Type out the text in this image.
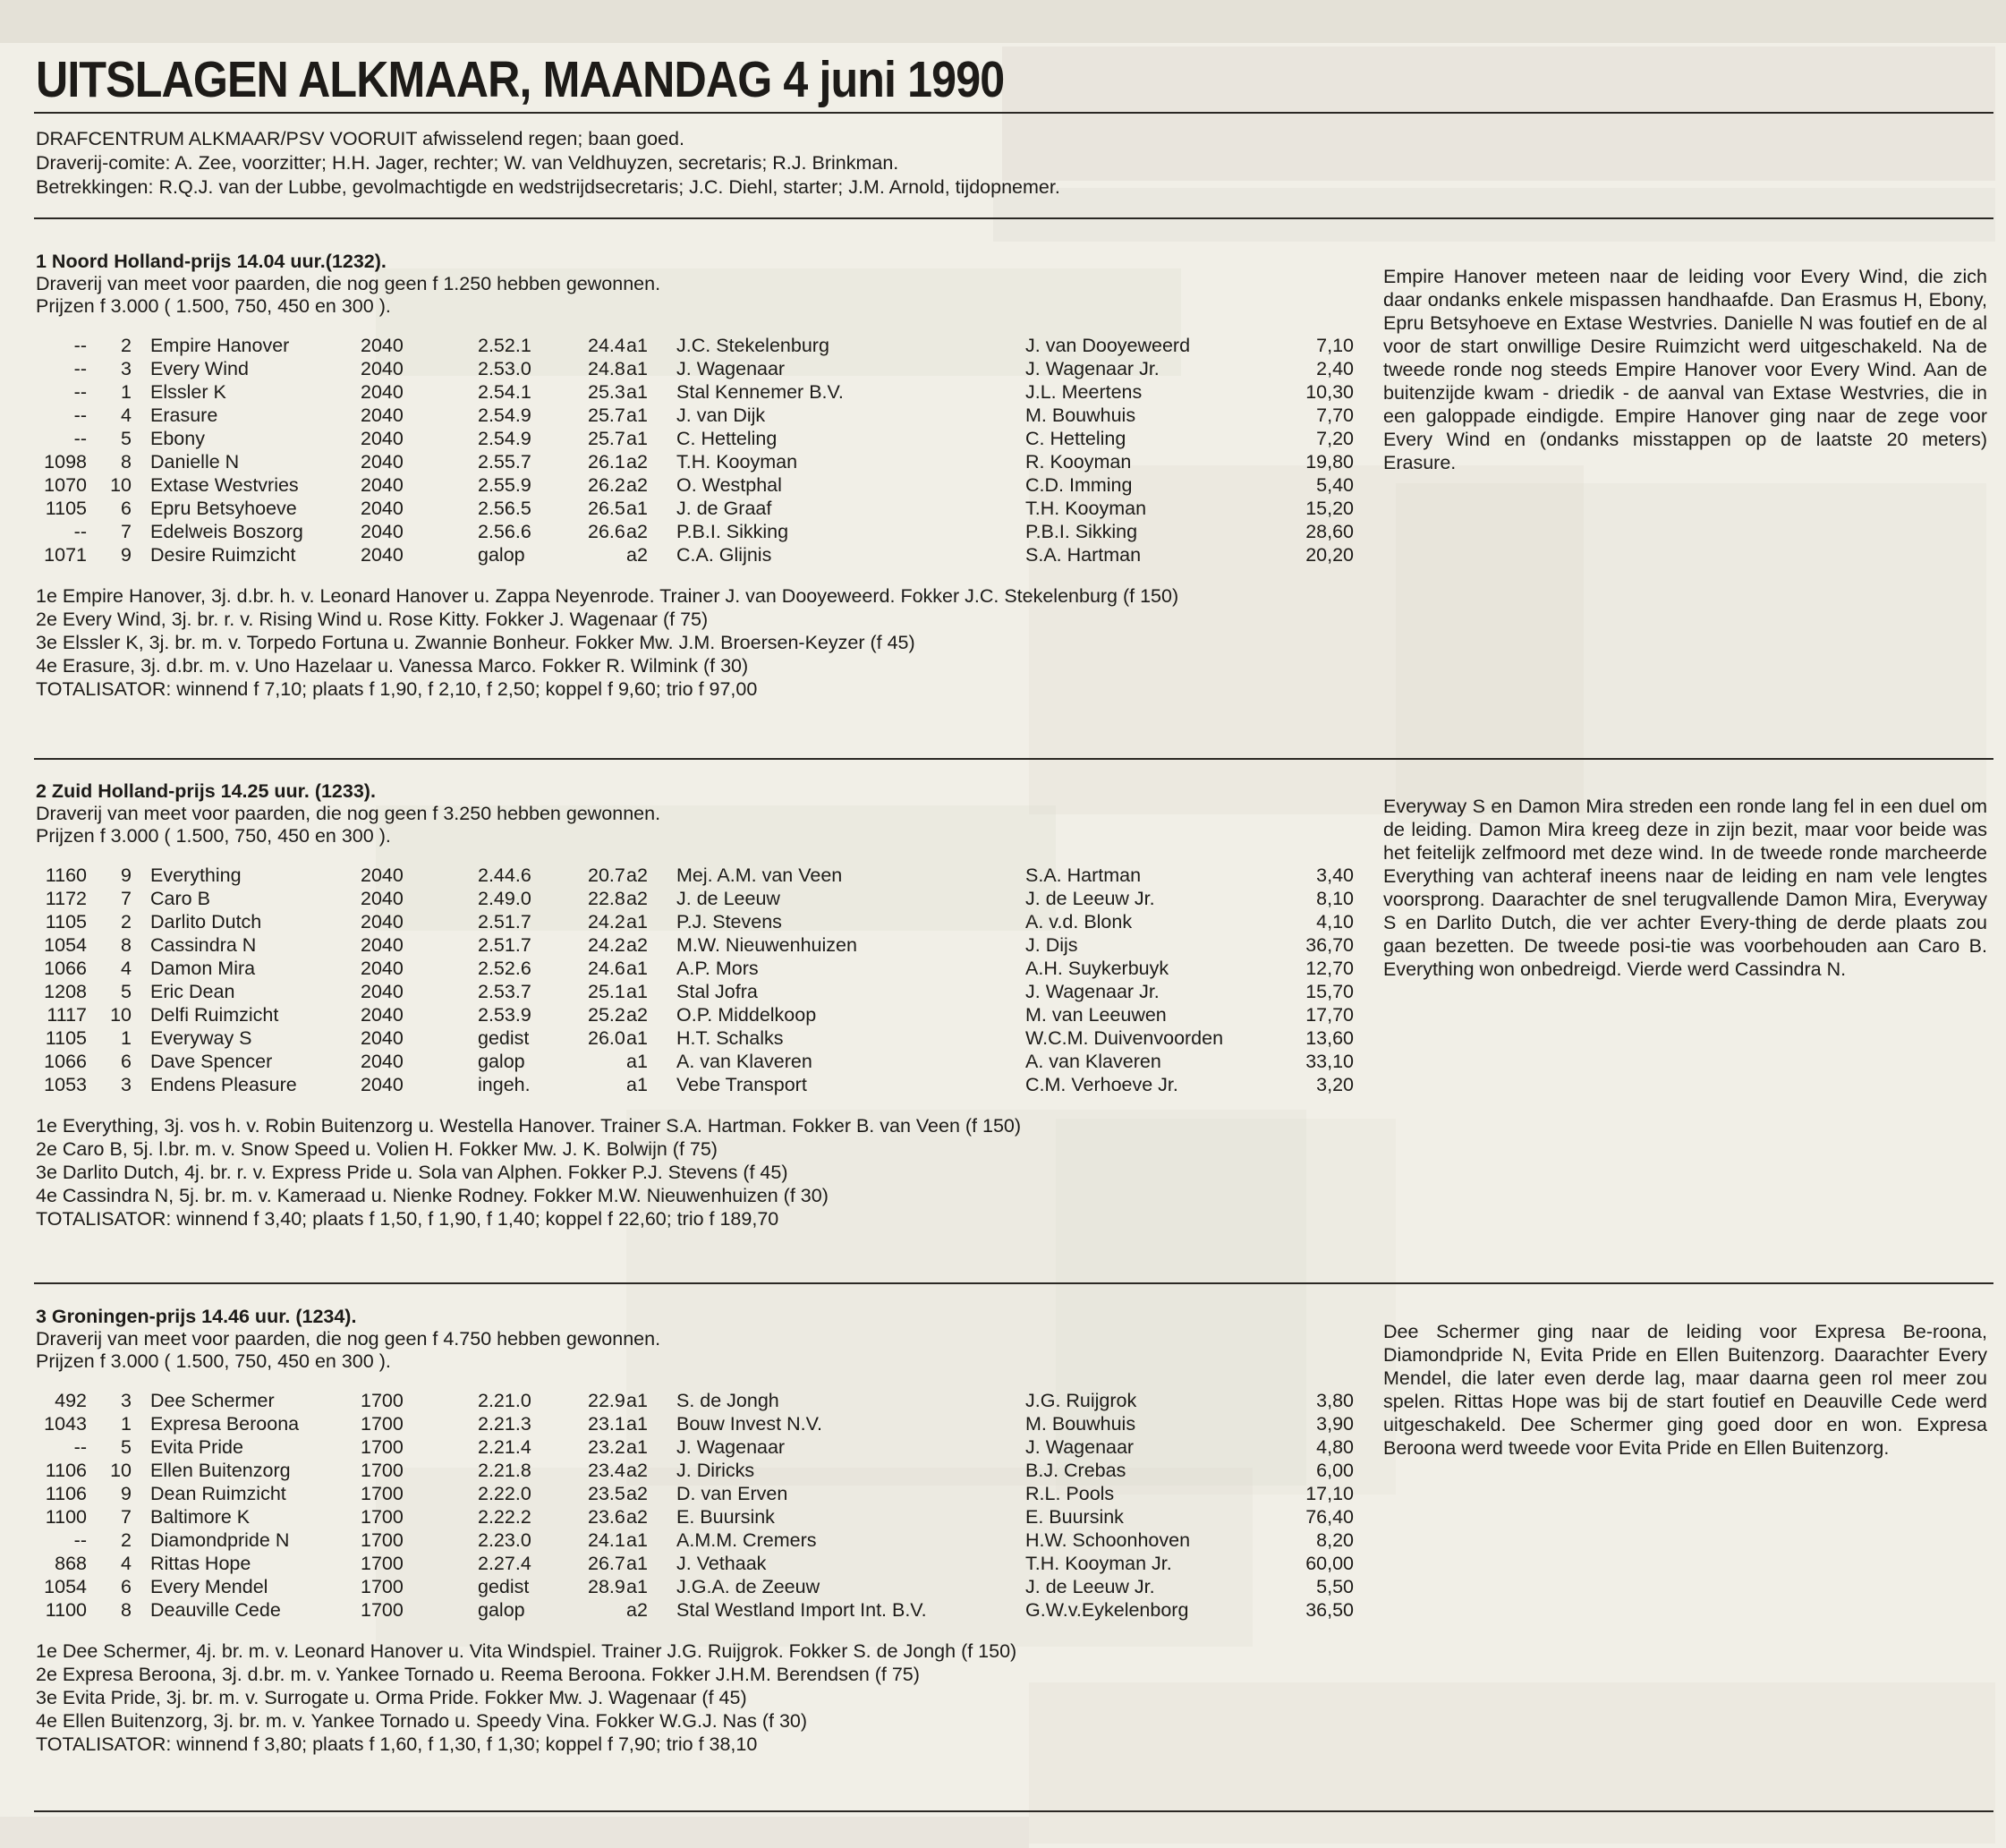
UITSLAGEN ALKMAAR, MAANDAG 4 juni 1990
DRAFCENTRUM ALKMAAR/PSV VOORUIT afwisselend regen; baan goed.
Draverij-comite: A. Zee, voorzitter; H.H. Jager, rechter; W. van Veldhuyzen, secretaris; R.J. Brinkman.
Betrekkingen: R.Q.J. van der Lubbe, gevolmachtigde en wedstrijdsecretaris; J.C. Diehl, starter; J.M. Arnold, tijdopnemer.
1 Noord Holland-prijs 14.04 uur.(1232).
Draverij van meet voor paarden, die nog geen f 1.250 hebben gewonnen.
Prijzen f 3.000 ( 1.500, 750, 450 en 300 ).
--	2 Empire Hanover	2040	2.52.1	24.4 a1 J.C. Stekelenburg	J. van Dooyeweerd	7,10
--	3 Every Wind	2040	2.53.0	24.8 a1 J. Wagenaar	J. Wagenaar Jr.	2,40
--	1 Elssler K	2040	2.54.1	25.3 a1 Stal Kennemer B.V.	J.L. Meertens	10,30
--	4 Erasure	2040	2.54.9	25.7 a1 J. van Dijk	M. Bouwhuis	7,70
--	5 Ebony	2040	2.54.9	25.7 a1 C. Hetteling	C. Hetteling	7,20
1098	8 Danielle N	2040	2.55.7	26.1 a2 T.H. Kooyman	R. Kooyman	19,80
1070	10 Extase Westvries	2040	2.55.9	26.2 a2 O. Westphal	C.D. Imming	5,40
1105	6 Epru Betsyhoeve	2040	2.56.5	26.5 a1 J. de Graaf	T.H. Kooyman	15,20
--	7 Edelweis Boszorg	2040	2.56.6	26.6 a2 P.B.I. Sikking	P.B.I. Sikking	28,60
1071	9 Desire Ruimzicht	2040	galop	a2 C.A. Glijnis	S.A. Hartman	20,20
1e Empire Hanover, 3j. d.br. h. v. Leonard Hanover u. Zappa Neyenrode. Trainer J. van Dooyeweerd. Fokker J.C. Stekelenburg (f 150)
2e Every Wind, 3j. br. r. v. Rising Wind u. Rose Kitty. Fokker J. Wagenaar (f 75)
3e Elssler K, 3j. br. m. v. Torpedo Fortuna u. Zwannie Bonheur. Fokker Mw. J.M. Broersen-Keyzer (f 45)
4e Erasure, 3j. d.br. m. v. Uno Hazelaar u. Vanessa Marco. Fokker R. Wilmink (f 30)
TOTALISATOR: winnend f 7,10; plaats f 1,90, f 2,10, f 2,50; koppel f 9,60; trio f 97,00
Empire Hanover meteen naar de leiding voor Every Wind, die zich daar ondanks enkele mispassen handhaafde. Dan Erasmus H, Ebony, Epru Betsyhoeve en Extase Westvries. Danielle N was foutief en de al voor de start onwillige Desire Ruimzicht werd uitgeschakeld. Na de tweede ronde nog steeds Empire Hanover voor Every Wind. Aan de buitenzijde kwam - driedik - de aanval van Extase Westvries, die in een galoppade eindigde. Empire Hanover ging naar de zege voor Every Wind en (ondanks misstappen op de laatste 20 meters) Erasure.
2 Zuid Holland-prijs 14.25 uur. (1233).
Draverij van meet voor paarden, die nog geen f 3.250 hebben gewonnen.
Prijzen f 3.000 ( 1.500, 750, 450 en 300 ).
1160	9 Everything	2040	2.44.6	20.7 a2 Mej. A.M. van Veen	S.A. Hartman	3,40
1172	7 Caro B	2040	2.49.0	22.8 a2 J. de Leeuw	J. de Leeuw Jr.	8,10
1105	2 Darlito Dutch	2040	2.51.7	24.2 a1 P.J. Stevens	A. v.d. Blonk	4,10
1054	8 Cassindra N	2040	2.51.7	24.2 a2 M.W. Nieuwenhuizen	J. Dijs	36,70
1066	4 Damon Mira	2040	2.52.6	24.6 a1 A.P. Mors	A.H. Suykerbuyk	12,70
1208	5 Eric Dean	2040	2.53.7	25.1 a1 Stal Jofra	J. Wagenaar Jr.	15,70
1117	10 Delfi Ruimzicht	2040	2.53.9	25.2 a2 O.P. Middelkoop	M. van Leeuwen	17,70
1105	1 Everyway S	2040	gedist	26.0 a1 H.T. Schalks	W.C.M. Duivenvoorden	13,60
1066	6 Dave Spencer	2040	galop	a1 A. van Klaveren	A. van Klaveren	33,10
1053	3 Endens Pleasure	2040	ingeh.	a1 Vebe Transport	C.M. Verhoeve Jr.	3,20
1e Everything, 3j. vos h. v. Robin Buitenzorg u. Westella Hanover. Trainer S.A. Hartman. Fokker B. van Veen (f 150)
2e Caro B, 5j. l.br. m. v. Snow Speed u. Volien H. Fokker Mw. J. K. Bolwijn (f 75)
3e Darlito Dutch, 4j. br. r. v. Express Pride u. Sola van Alphen. Fokker P.J. Stevens (f 45)
4e Cassindra N, 5j. br. m. v. Kameraad u. Nienke Rodney. Fokker M.W. Nieuwenhuizen (f 30)
TOTALISATOR: winnend f 3,40; plaats f 1,50, f 1,90, f 1,40; koppel f 22,60; trio f 189,70
Everyway S en Damon Mira streden een ronde lang fel in een duel om de leiding. Damon Mira kreeg deze in zijn bezit, maar voor beide was het feitelijk zelfmoord met deze wind. In de tweede ronde marcheerde Everything van achteraf ineens naar de leiding en nam vele lengtes voorsprong. Daarachter de snel terugvallende Damon Mira, Everyway S en Darlito Dutch, die ver achter Every-thing de derde plaats zou gaan bezetten. De tweede posi-tie was voorbehouden aan Caro B. Everything won onbedreigd. Vierde werd Cassindra N.
3 Groningen-prijs 14.46 uur. (1234).
Draverij van meet voor paarden, die nog geen f 4.750 hebben gewonnen.
Prijzen f 3.000 ( 1.500, 750, 450 en 300 ).
492	3 Dee Schermer	1700	2.21.0	22.9 a1 S. de Jongh	J.G. Ruijgrok	3,80
1043	1 Expresa Beroona	1700	2.21.3	23.1 a1 Bouw Invest N.V.	M. Bouwhuis	3,90
--	5 Evita Pride	1700	2.21.4	23.2 a1 J. Wagenaar	J. Wagenaar	4,80
1106	10 Ellen Buitenzorg	1700	2.21.8	23.4 a2 J. Diricks	B.J. Crebas	6,00
1106	9 Dean Ruimzicht	1700	2.22.0	23.5 a2 D. van Erven	R.L. Pools	17,10
1100	7 Baltimore K	1700	2.22.2	23.6 a2 E. Buursink	E. Buursink	76,40
--	2 Diamondpride N	1700	2.23.0	24.1 a1 A.M.M. Cremers	H.W. Schoonhoven	8,20
868	4 Rittas Hope	1700	2.27.4	26.7 a1 J. Vethaak	T.H. Kooyman Jr.	60,00
1054	6 Every Mendel	1700	gedist	28.9 a1 J.G.A. de Zeeuw	J. de Leeuw Jr.	5,50
1100	8 Deauville Cede	1700	galop	a2 Stal Westland Import Int. B.V.	G.W.v.Eykelenborg	36,50
1e Dee Schermer, 4j. br. m. v. Leonard Hanover u. Vita Windspiel. Trainer J.G. Ruijgrok. Fokker S. de Jongh (f 150)
2e Expresa Beroona, 3j. d.br. m. v. Yankee Tornado u. Reema Beroona. Fokker J.H.M. Berendsen (f 75)
3e Evita Pride, 3j. br. m. v. Surrogate u. Orma Pride. Fokker Mw. J. Wagenaar (f 45)
4e Ellen Buitenzorg, 3j. br. m. v. Yankee Tornado u. Speedy Vina. Fokker W.G.J. Nas (f 30)
TOTALISATOR: winnend f 3,80; plaats f 1,60, f 1,30, f 1,30; koppel f 7,90; trio f 38,10
Dee Schermer ging naar de leiding voor Expresa Be-roona, Diamondpride N, Evita Pride en Ellen Buitenzorg. Daarachter Every Mendel, die later even derde lag, maar daarna geen rol meer zou spelen. Rittas Hope was bij de start foutief en Deauville Cede werd uitgeschakeld. Dee Schermer ging goed door en won. Expresa Beroona werd tweede voor Evita Pride en Ellen Buitenzorg.
